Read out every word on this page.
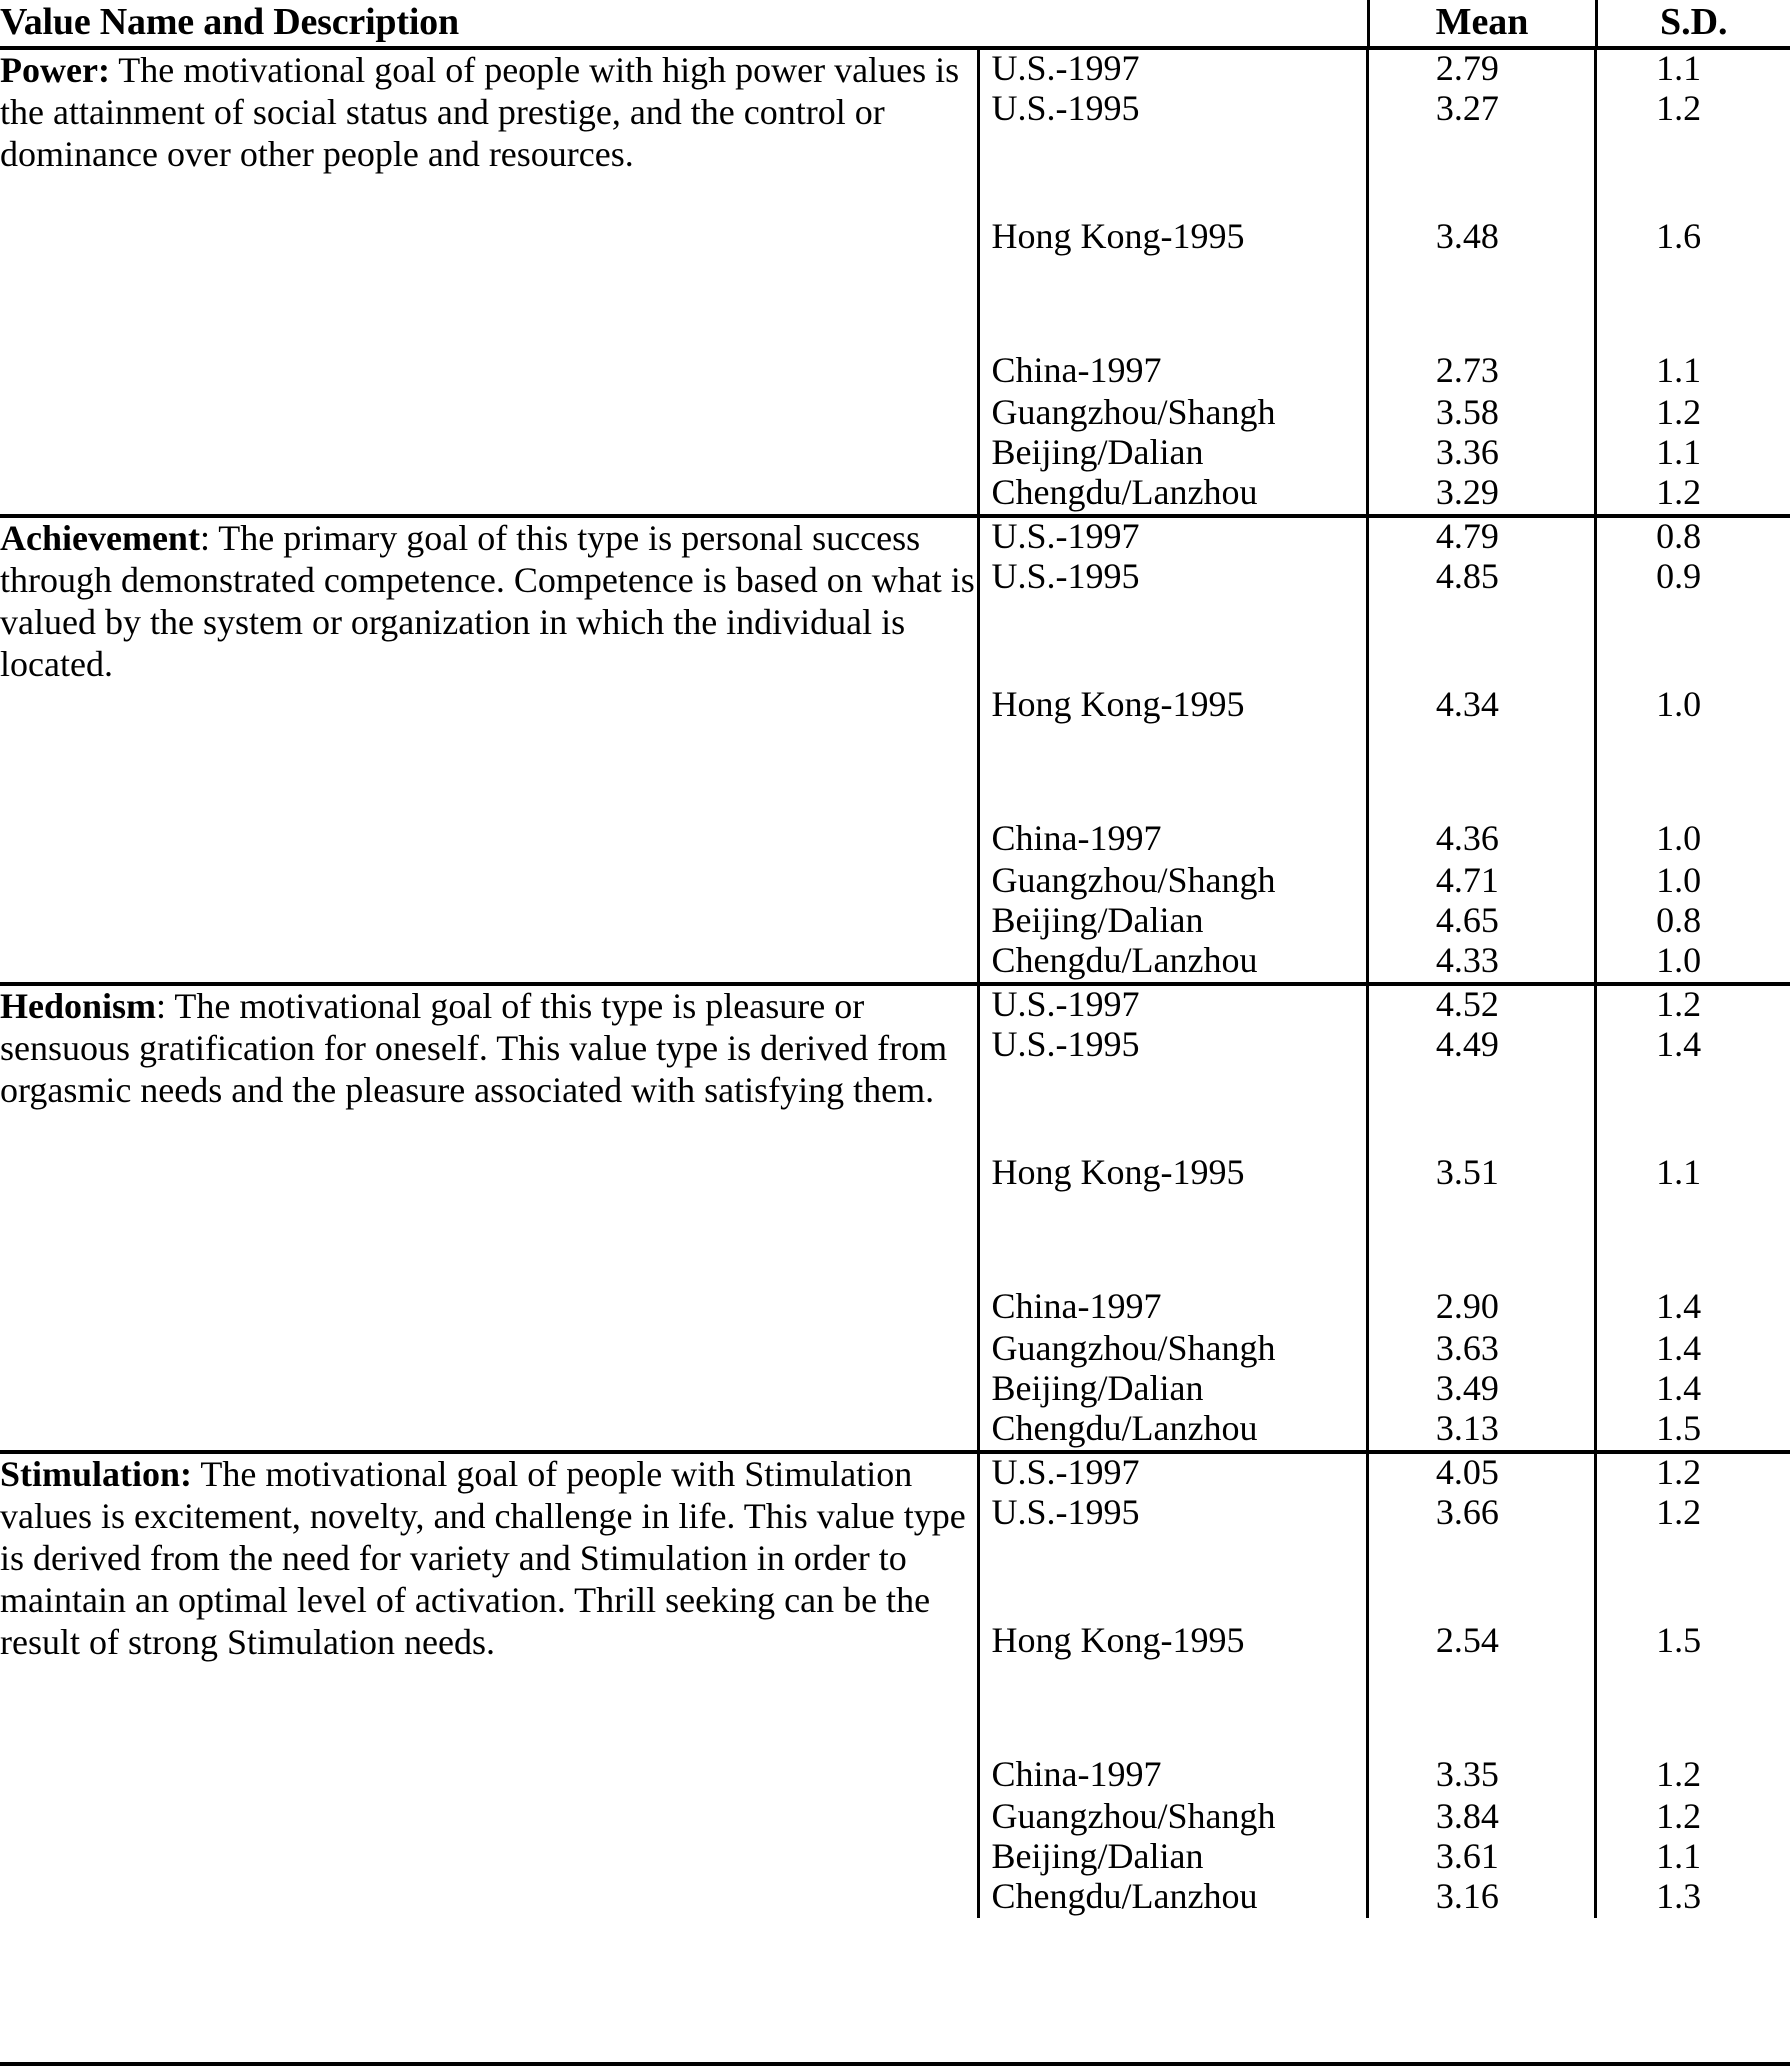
Value Name and Description	Mean	S.D.

Power: The motivational goal of people with high power values is the attainment of social status and prestige, and the control or dominance over other people and resources.

U.S.-1997	2.79	1.1
U.S.-1995	3.27	1.2
Hong Kong-1995	3.48	1.6
China-1997	2.73	1.1
Guangzhou/Shangh	3.58	1.2
Beijing/Dalian	3.36	1.1
Chengdu/Lanzhou	3.29	1.2

Achievement: The primary goal of this type is personal success through demonstrated competence. Competence is based on what is valued by the system or organization in which the individual is located.

U.S.-1997	4.79	0.8
U.S.-1995	4.85	0.9
Hong Kong-1995	4.34	1.0
China-1997	4.36	1.0
Guangzhou/Shangh	4.71	1.0
Beijing/Dalian	4.65	0.8
Chengdu/Lanzhou	4.33	1.0

Hedonism: The motivational goal of this type is pleasure or sensuous gratification for oneself. This value type is derived from orgasmic needs and the pleasure associated with satisfying them.

U.S.-1997	4.52	1.2
U.S.-1995	4.49	1.4
Hong Kong-1995	3.51	1.1
China-1997	2.90	1.4
Guangzhou/Shangh	3.63	1.4
Beijing/Dalian	3.49	1.4
Chengdu/Lanzhou	3.13	1.5

Stimulation: The motivational goal of people with Stimulation values is excitement, novelty, and challenge in life. This value type is derived from the need for variety and Stimulation in order to maintain an optimal level of activation. Thrill seeking can be the result of strong Stimulation needs.

U.S.-1997	4.05	1.2
U.S.-1995	3.66	1.2
Hong Kong-1995	2.54	1.5
China-1997	3.35	1.2
Guangzhou/Shangh	3.84	1.2
Beijing/Dalian	3.61	1.1
Chengdu/Lanzhou	3.16	1.3
